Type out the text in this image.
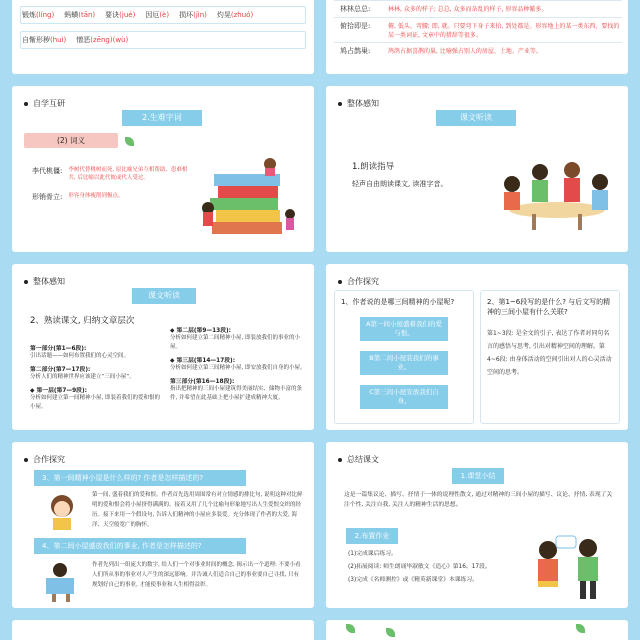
锻炼(líng) 蚂蟥(tān) 要诀(jué) 因厄(è) 损坏(jìn) 灼晃(zhuó)
自惭形秽(huì) 憎恶(zēng)(wù)
林林总总:	林林, 众多的样子; 总总, 众多而杂乱的样子, 形容品种繁多。
俯拾即是:	俯, 低头、弯腰; 即, 就。只要弯下身子来拾, 到处都是。形容地上的某一类东西、要找的某一类词证, 文章中的措辞等很多。
鸠占鹊巢:	鸠鸽占据喜鹊的巢, 比喻强占别人的房屋、土地、产业等。
自学互研
2.生难字词
(2) 词义
李代桃僵: 李树代替桃树而死, 原比喻兄弟互相帮助、患难相共, 后比喻以此代彼或代人受过。
形销骨立: 形容身体瘦削到极点。
整体感知
课文听读
1.朗读指导
轻声自由朗读课文, 读准字音。
整体感知
课文听读
2、熟读课文, 归纳文章层次
第一部分(第1—6段):
引出话题——如何布置我们的心灵空间。
第二部分(第7—17段):
分析人们的精神世界应该建立“三间小屋”。
◆ 第一层(第7—9段):
分析如何建立第一间精神小屋, 即装着我们的爱和恨的小屋。
◆ 第二层(第9—13段):
分析如何建立第二间精神小屋, 即装放我们的事业的小屋。
◆ 第三层(第14—17段):
分析如何建立第三间精神小屋, 即安放我们自身的小屋。
第三部分(第16—18段):
指出把精神的三间小屋建筑得美丽结实、储物丰富的条件, 并希望在此基础上把小屋扩建成精神大厦。
合作探究
1、作者说的是哪三间精神的小屋呢?
A第一间小屋盛着我们的爱与恨。
B第二间小屋装我们的事业。
C第三间小屋安放我们自身。
2、第1~6段写的是什么? 与后文写的精神的三间小屋有什么关联?
第1~3段: 是全文的引子, 表达了作者对同句名言的感悟与思考, 引出对精神空间的理解。第4~6段: 由身体活动的空间引出对人的心灵活动空间的思考。
合作探究
3、第一间精神小屋是什么样的? 作者是怎样描述的?
第一间, 盛着我们的爱和恨。作者首先选用周围常有对立情感的排比句, 说明这种对比鲜明的爱和恨会将小屋挤得满满的。接着又用了几个比喻句形象地写出人生爱恨交织的经历。接下来用一个假设句, 告诉人们精神的小屋应多装爱。充分体现了作者的大爱, 海洋、天空般宽广的胸怀。
4、第二间小屋盛放我们的事业, 作者是怎样描述的?
作者先列出一组庞大的数字, 给人们一个对事业时间的概念, 揭示出一个道理: 不要小看人们所从事的事业对人产生的深远影响。并告诫人们适合自己的事业要自己寻找, 只有规划好自己的事业, 才能使事业和人生相得益彰。
总结课文
1.课堂小结
这是一篇集议论、描写、抒情于一体的说理性散文, 通过对精神的三间小屋的描写、议论、抒情, 表现了关注个性, 关注自我, 关注人的精神生活的思想。
2.布置作业
(1)完成课后练习。
(2)拓展阅读: 师生朗诵毕淑敏文《造心》第16、17段。
(3)完成《名师测控》或《精英新课堂》本课练习。
